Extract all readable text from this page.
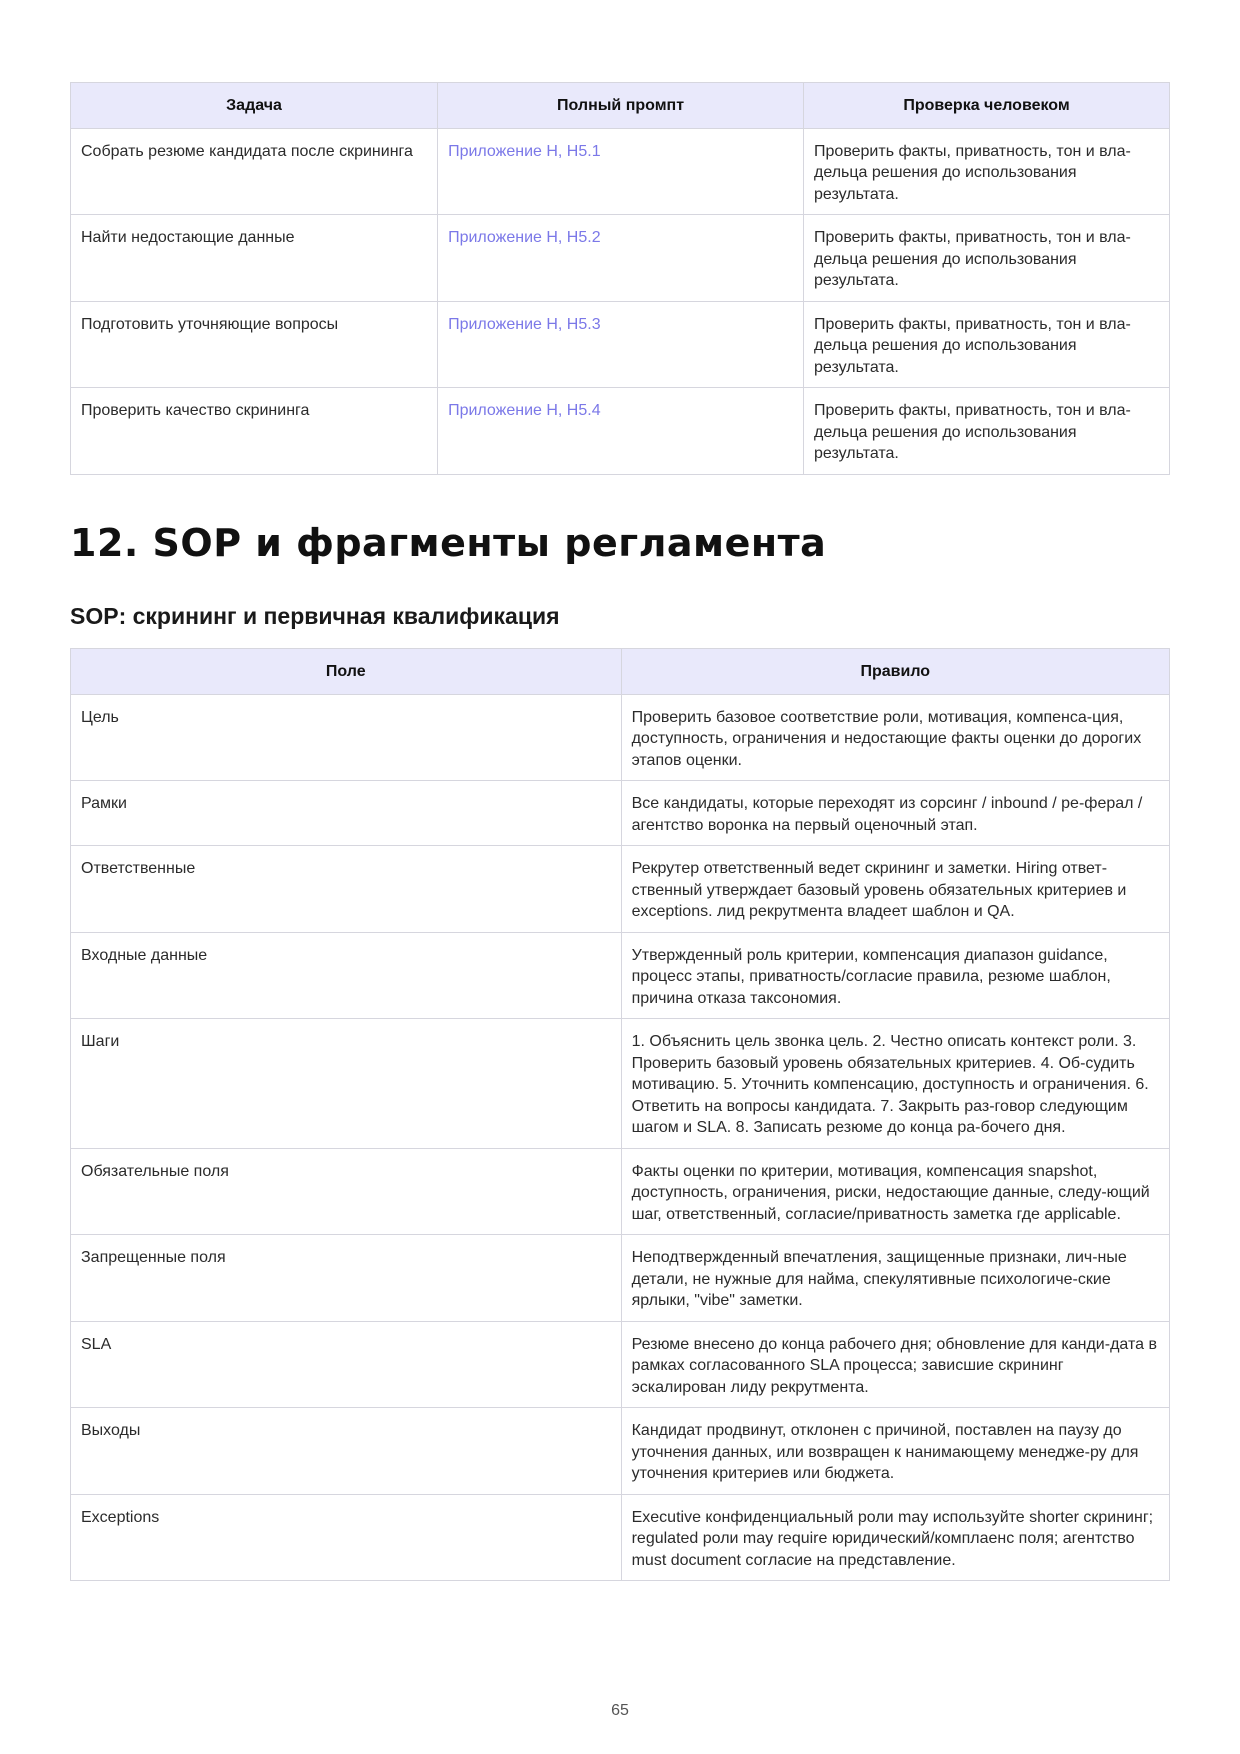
Задача	Полный промпт	Проверка человеком
Собрать резюме кандидата после скрининга	Приложение H, H5.1	Проверить факты, приватность, тон и вла-дельца решения до использования результата.
Найти недостающие данные	Приложение H, H5.2	Проверить факты, приватность, тон и вла-дельца решения до использования результата.
Подготовить уточняющие вопросы	Приложение H, H5.3	Проверить факты, приватность, тон и вла-дельца решения до использования результата.
Проверить качество скрининга	Приложение H, H5.4	Проверить факты, приватность, тон и вла-дельца решения до использования результата.
12. SOP и фрагменты регламента
SOP: скрининг и первичная квалификация
Поле	Правило
Цель	Проверить базовое соответствие роли, мотивация, компенса-ция, доступность, ограничения и недостающие факты оценки до дорогих этапов оценки.
Рамки	Все кандидаты, которые переходят из сорсинг / inbound / ре-ферал / агентство воронка на первый оценочный этап.
Ответственные	Рекрутер ответственный ведет скрининг и заметки. Hiring ответ-ственный утверждает базовый уровень обязательных критериев и exceptions. лид рекрутмента владеет шаблон и QA.
Входные данные	Утвержденный роль критерии, компенсация диапазон guidance, процесс этапы, приватность/согласие правила, резюме шаблон, причина отказа таксономия.
Шаги	1. Объяснить цель звонка цель. 2. Честно описать контекст роли. 3. Проверить базовый уровень обязательных критериев. 4. Об-судить мотивацию. 5. Уточнить компенсацию, доступность и ограничения. 6. Ответить на вопросы кандидата. 7. Закрыть раз-говор следующим шагом и SLA. 8. Записать резюме до конца ра-бочего дня.
Обязательные поля	Факты оценки по критерии, мотивация, компенсация snapshot, доступность, ограничения, риски, недостающие данные, следу-ющий шаг, ответственный, согласие/приватность заметка где applicable.
Запрещенные поля	Неподтвержденный впечатления, защищенные признаки, лич-ные детали, не нужные для найма, спекулятивные психологиче-ские ярлыки, "vibe" заметки.
SLA	Резюме внесено до конца рабочего дня; обновление для канди-дата в рамках согласованного SLA процесса; зависшие скрининг эскалирован лиду рекрутмента.
Выходы	Кандидат продвинут, отклонен с причиной, поставлен на паузу до уточнения данных, или возвращен к нанимающему менедже-ру для уточнения критериев или бюджета.
Exceptions	Executive конфиденциальный роли may используйте shorter скрининг; regulated роли may require юридический/комплаенс поля; агентство must document согласие на представление.
65
